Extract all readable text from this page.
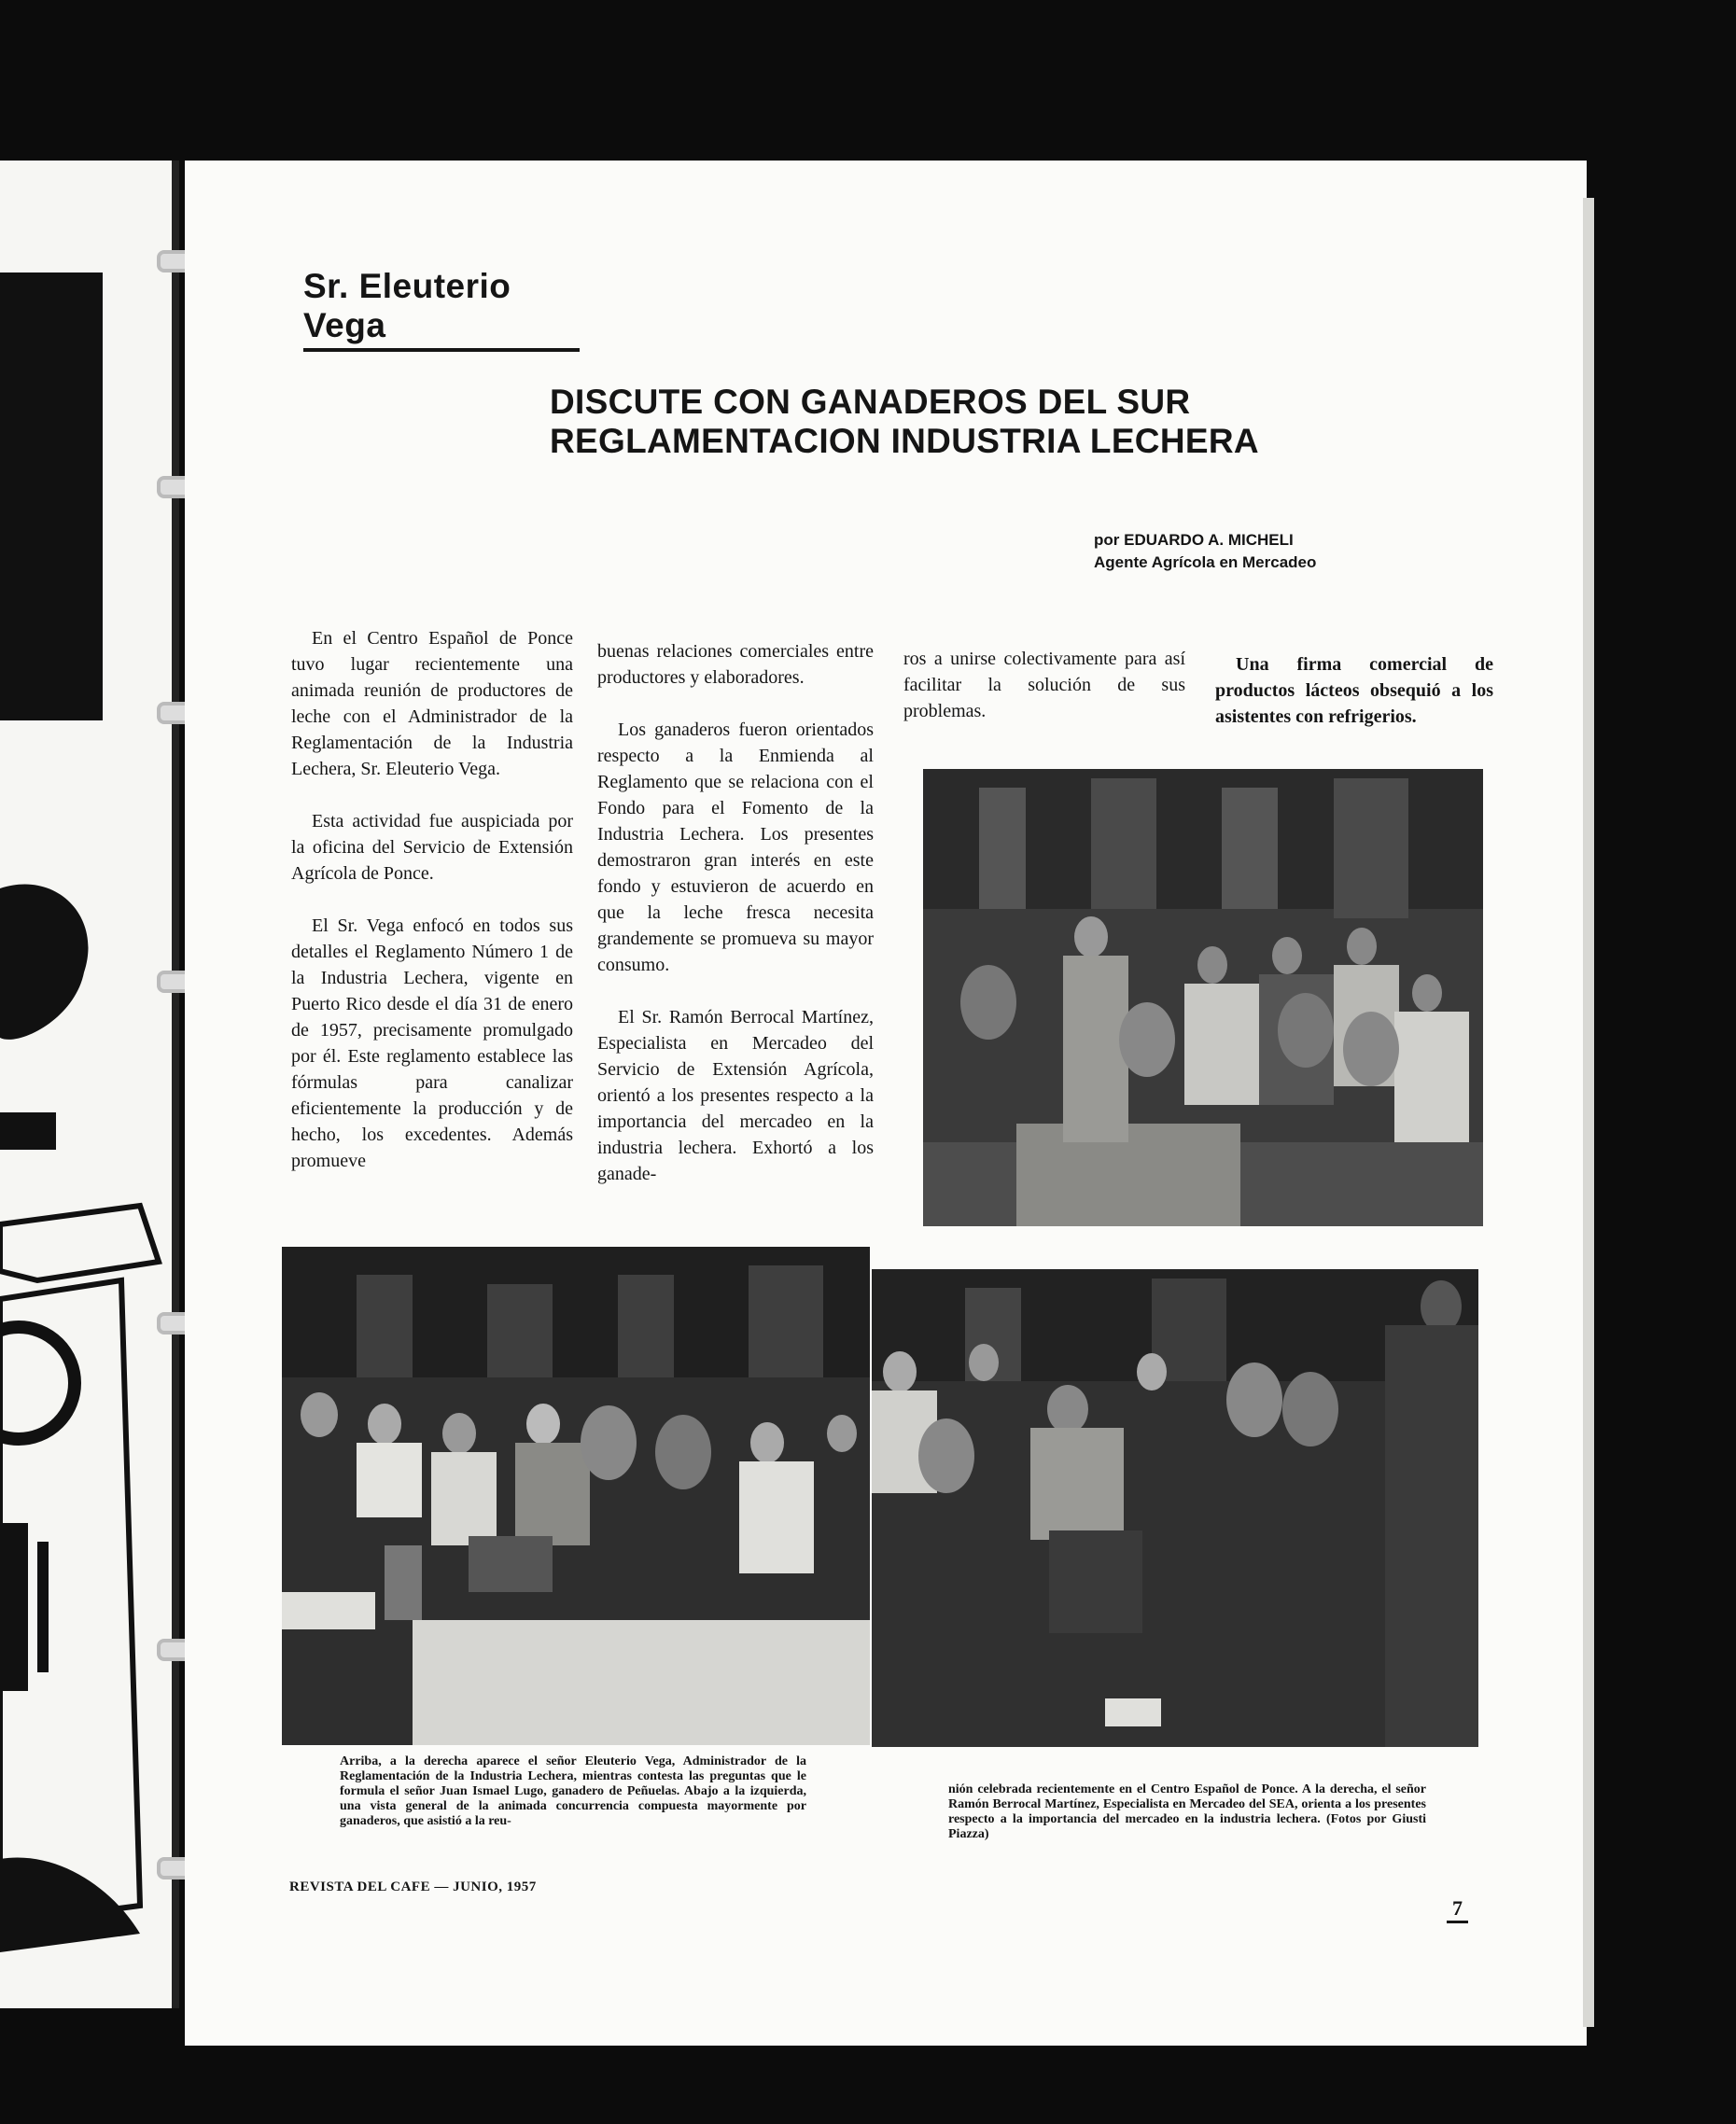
Sr. Eleuterio Vega
DISCUTE CON GANADEROS DEL SUR
REGLAMENTACION INDUSTRIA LECHERA
por EDUARDO A. MICHELI
Agente Agrícola en Mercadeo

En el Centro Español de Ponce tuvo lugar recientemente una animada reunión de productores de leche con el Administrador de la Reglamentación de la Industria Lechera, Sr. Eleuterio Vega.

Esta actividad fue auspiciada por la oficina del Servicio de Extensión Agrícola de Ponce.

El Sr. Vega enfocó en todos sus detalles el Reglamento Número 1 de la Industria Lechera, vigente en Puerto Rico desde el día 31 de enero de 1957, precisamente promulgado por él. Este reglamento establece las fórmulas para canalizar eficientemente la producción y de hecho, los excedentes. Además promueve

buenas relaciones comerciales entre productores y elaboradores.

Los ganaderos fueron orientados respecto a la Enmienda al Reglamento que se relaciona con el Fondo para el Fomento de la Industria Lechera. Los presentes demostraron gran interés en este fondo y estuvieron de acuerdo en que la leche fresca necesita grandemente se promueva su mayor consumo.

El Sr. Ramón Berrocal Martínez, Especialista en Mercadeo del Servicio de Extensión Agrícola, orientó a los presentes respecto a la importancia del mercadeo en la industria lechera. Exhortó a los ganade-

ros a unirse colectivamente para así facilitar la solución de sus problemas.

Una firma comercial de productos lácteos obsequió a los asistentes con refrigerios.

Arriba, a la derecha aparece el señor Eleuterio Vega, Administrador de la Reglamentación de la Industria Lechera, mientras contesta las preguntas que le formula el señor Juan Ismael Lugo, ganadero de Peñuelas. Abajo a la izquierda, una vista general de la animada concurrencia compuesta mayormente por ganaderos, que asistió a la reu-
nión celebrada recientemente en el Centro Español de Ponce. A la derecha, el señor Ramón Berrocal Martínez, Especialista en Mercadeo del SEA, orienta a los presentes respecto a la importancia del mercadeo en la industria lechera. (Fotos por Giusti Piazza)
REVISTA DEL CAFE — JUNIO, 1957
7
